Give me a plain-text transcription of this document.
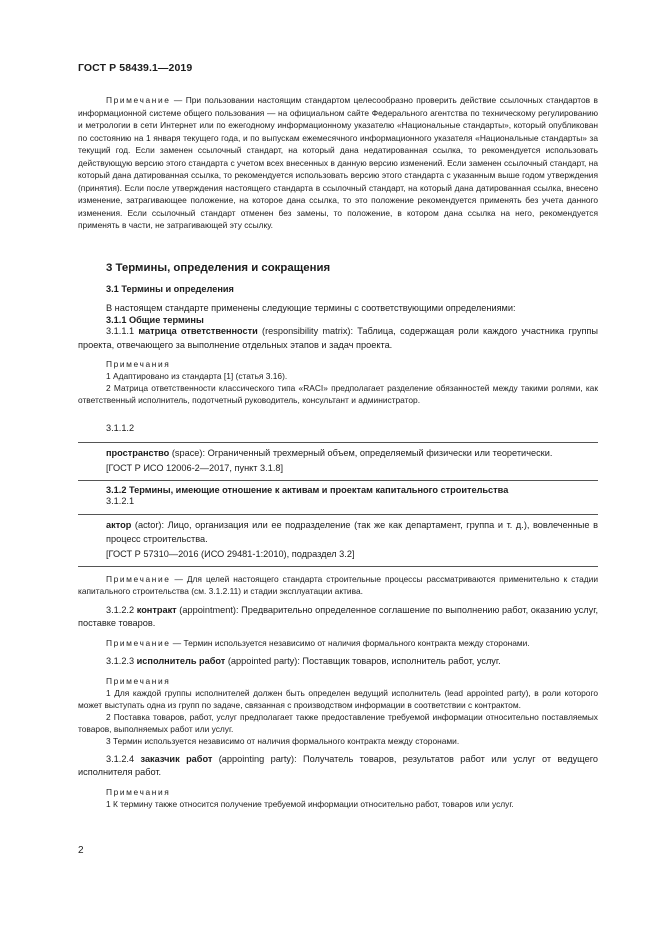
ГОСТ Р 58439.1—2019

Примечание — При пользовании настоящим стандартом целесообразно проверить действие ссылочных стандартов в информационной системе общего пользования — на официальном сайте Федерального агентства по техническому регулированию и метрологии в сети Интернет или по ежегодному информационному указателю «Национальные стандарты», который опубликован по состоянию на 1 января текущего года, и по выпускам ежемесячного информационного указателя «Национальные стандарты» за текущий год. Если заменен ссылочный стандарт, на который дана недатированная ссылка, то рекомендуется использовать действующую версию этого стандарта с учетом всех внесенных в данную версию изменений. Если заменен ссылочный стандарт, на который дана датированная ссылка, то рекомендуется использовать версию этого стандарта с указанным выше годом утверждения (принятия). Если после утверждения настоящего стандарта в ссылочный стандарт, на который дана датированная ссылка, внесено изменение, затрагивающее положение, на которое дана ссылка, то это положение рекомендуется применять без учета данного изменения. Если ссылочный стандарт отменен без замены, то положение, в котором дана ссылка на него, рекомендуется применять в части, не затрагивающей эту ссылку.

3 Термины, определения и сокращения
3.1 Термины и определения

В настоящем стандарте применены следующие термины с соответствующими определениями:

3.1.1 Общие термины

3.1.1.1 матрица ответственности (responsibility matrix): Таблица, содержащая роли каждого участника группы проекта, отвечающего за выполнение отдельных этапов и задач проекта.

Примечания

1 Адаптировано из стандарта [1] (статья 3.16).

2 Матрица ответственности классического типа «RACI» предполагает разделение обязанностей между такими ролями, как ответственный исполнитель, подотчетный руководитель, консультант и администратор.

3.1.1.2

пространство (space): Ограниченный трехмерный объем, определяемый физически или теоретически.

[ГОСТ Р ИСО 12006-2—2017, пункт 3.1.8]
3.1.2 Термины, имеющие отношение к активам и проектам капитального строительства
3.1.2.1

актор (actor): Лицо, организация или ее подразделение (так же как департамент, группа и т. д.), вовлеченные в процесс строительства.

[ГОСТ Р 57310—2016 (ИСО 29481-1:2010), подраздел 3.2]

Примечание — Для целей настоящего стандарта строительные процессы рассматриваются применительно к стадии капитального строительства (см. 3.1.2.11) и стадии эксплуатации актива.

3.1.2.2 контракт (appointment): Предварительно определенное соглашение по выполнению работ, оказанию услуг, поставке товаров.

Примечание — Термин используется независимо от наличия формального контракта между сторонами.

3.1.2.3 исполнитель работ (appointed party): Поставщик товаров, исполнитель работ, услуг.

Примечания

1 Для каждой группы исполнителей должен быть определен ведущий исполнитель (lead appointed party), в роли которого может выступать одна из групп по задаче, связанная с производством информации в соответствии с контрактом.

2 Поставка товаров, работ, услуг предполагает также предоставление требуемой информации относительно поставляемых товаров, выполняемых работ или услуг.

3 Термин используется независимо от наличия формального контракта между сторонами.

3.1.2.4 заказчик работ (appointing party): Получатель товаров, результатов работ или услуг от ведущего исполнителя работ.

Примечания

1 К термину также относится получение требуемой информации относительно работ, товаров или услуг.

2
